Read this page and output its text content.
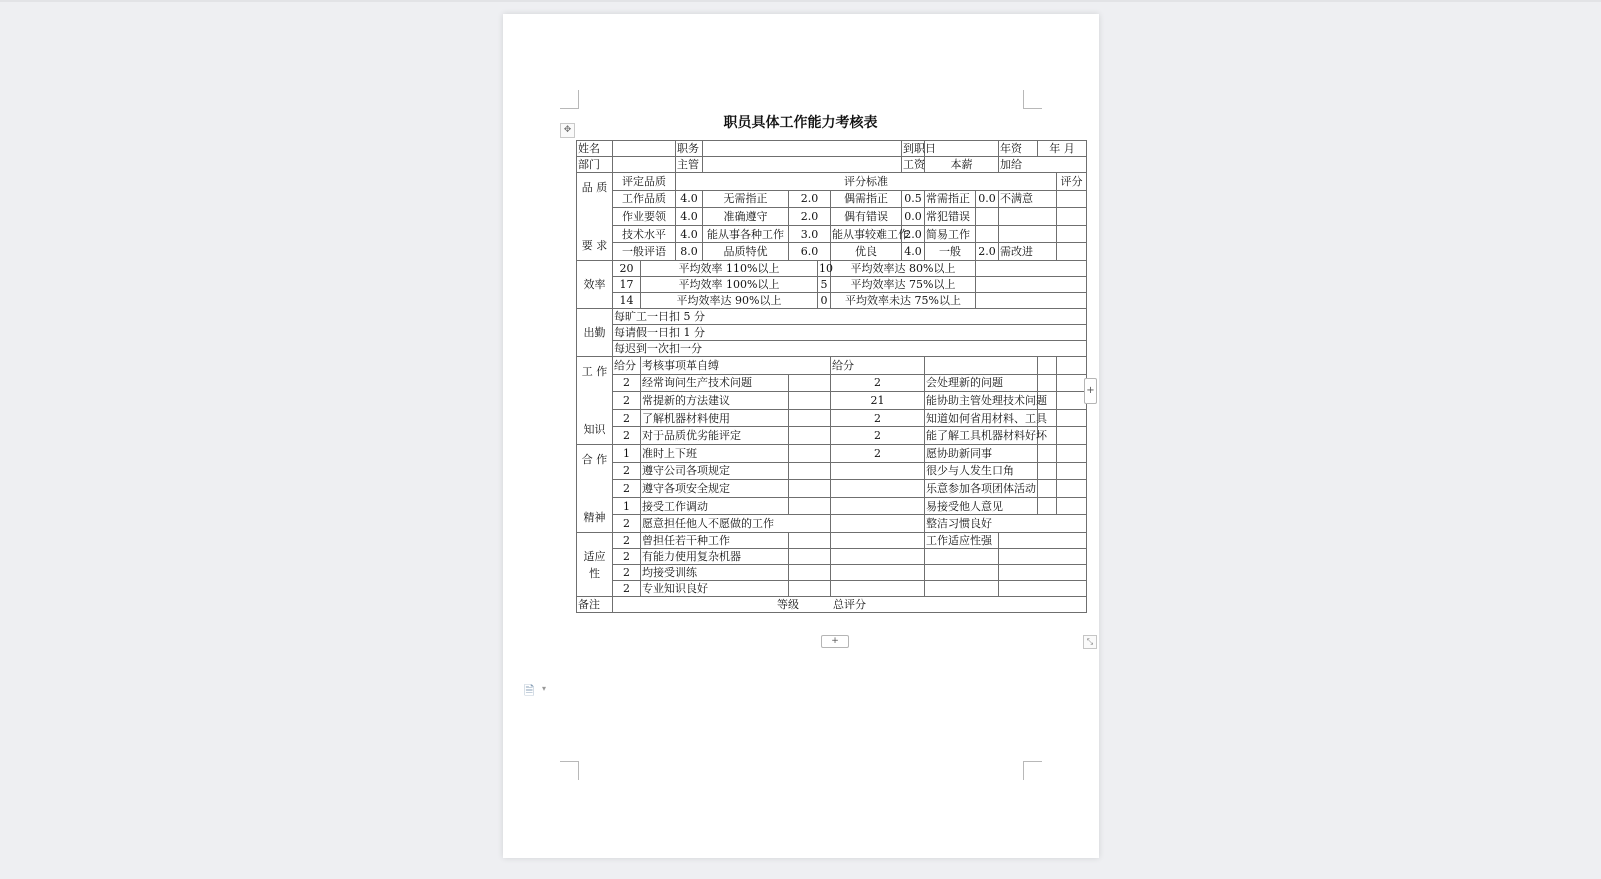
职员具体工作能力考核表
✥
姓名			职务					到职日			年资	年 月	
部门			主管					工资	本薪		加给		
品 质

要 求	评定品质		评分标准										评分
	工作品质		4.0	无需指正	2.0		偶需指正	0.5	常需指正	0.0	不满意		
	作业要领		4.0	准确遵守	2.0		偶有错误	0.0	常犯错误				
	技术水平		4.0	能从事各种工作	3.0		能从事较难工作	2.0	简易工作				
	一般评语		8.0	品质特优	6.0		优良	4.0	一般	2.0	需改进		
效率	20	平均效率 110%以上				10	平均效率达 80%以上						
	17	平均效率 100%以上				5	平均效率达 75%以上						
	14	平均效率达 90%以上				0	平均效率未达 75%以上						
出勤	每旷工一日扣 5 分												
	每请假一日扣 1 分												
	每迟到一次扣一分												
工 作

知识	给分	考核事项革自缚					给分						
	2	经常询问生产技术问题					2		会处理新的问题				
	2	常提新的方法建议					21		能协助主管处理技术问题				
	2	了解机器材料使用					2		知道如何省用材料、工具				
	2	对于品质优劣能评定					2		能了解工具机器材料好坏				
合 作

精神	1	准时上下班					2		愿协助新同事				
	2	遵守公司各项规定							很少与人发生口角				
	2	遵守各项安全规定							乐意参加各项团体活动				
	1	接受工作调动							易接受他人意见				
	2	愿意担任他人不愿做的工作							整洁习惯良好				
适应
性	2	曾担任若干种工作							工作适应性强				
	2	有能力使用复杂机器											
	2	均接受训练											
	2	专业知识良好											
备注	等级 总评分												
+
+
⤡
🗎 ▾
